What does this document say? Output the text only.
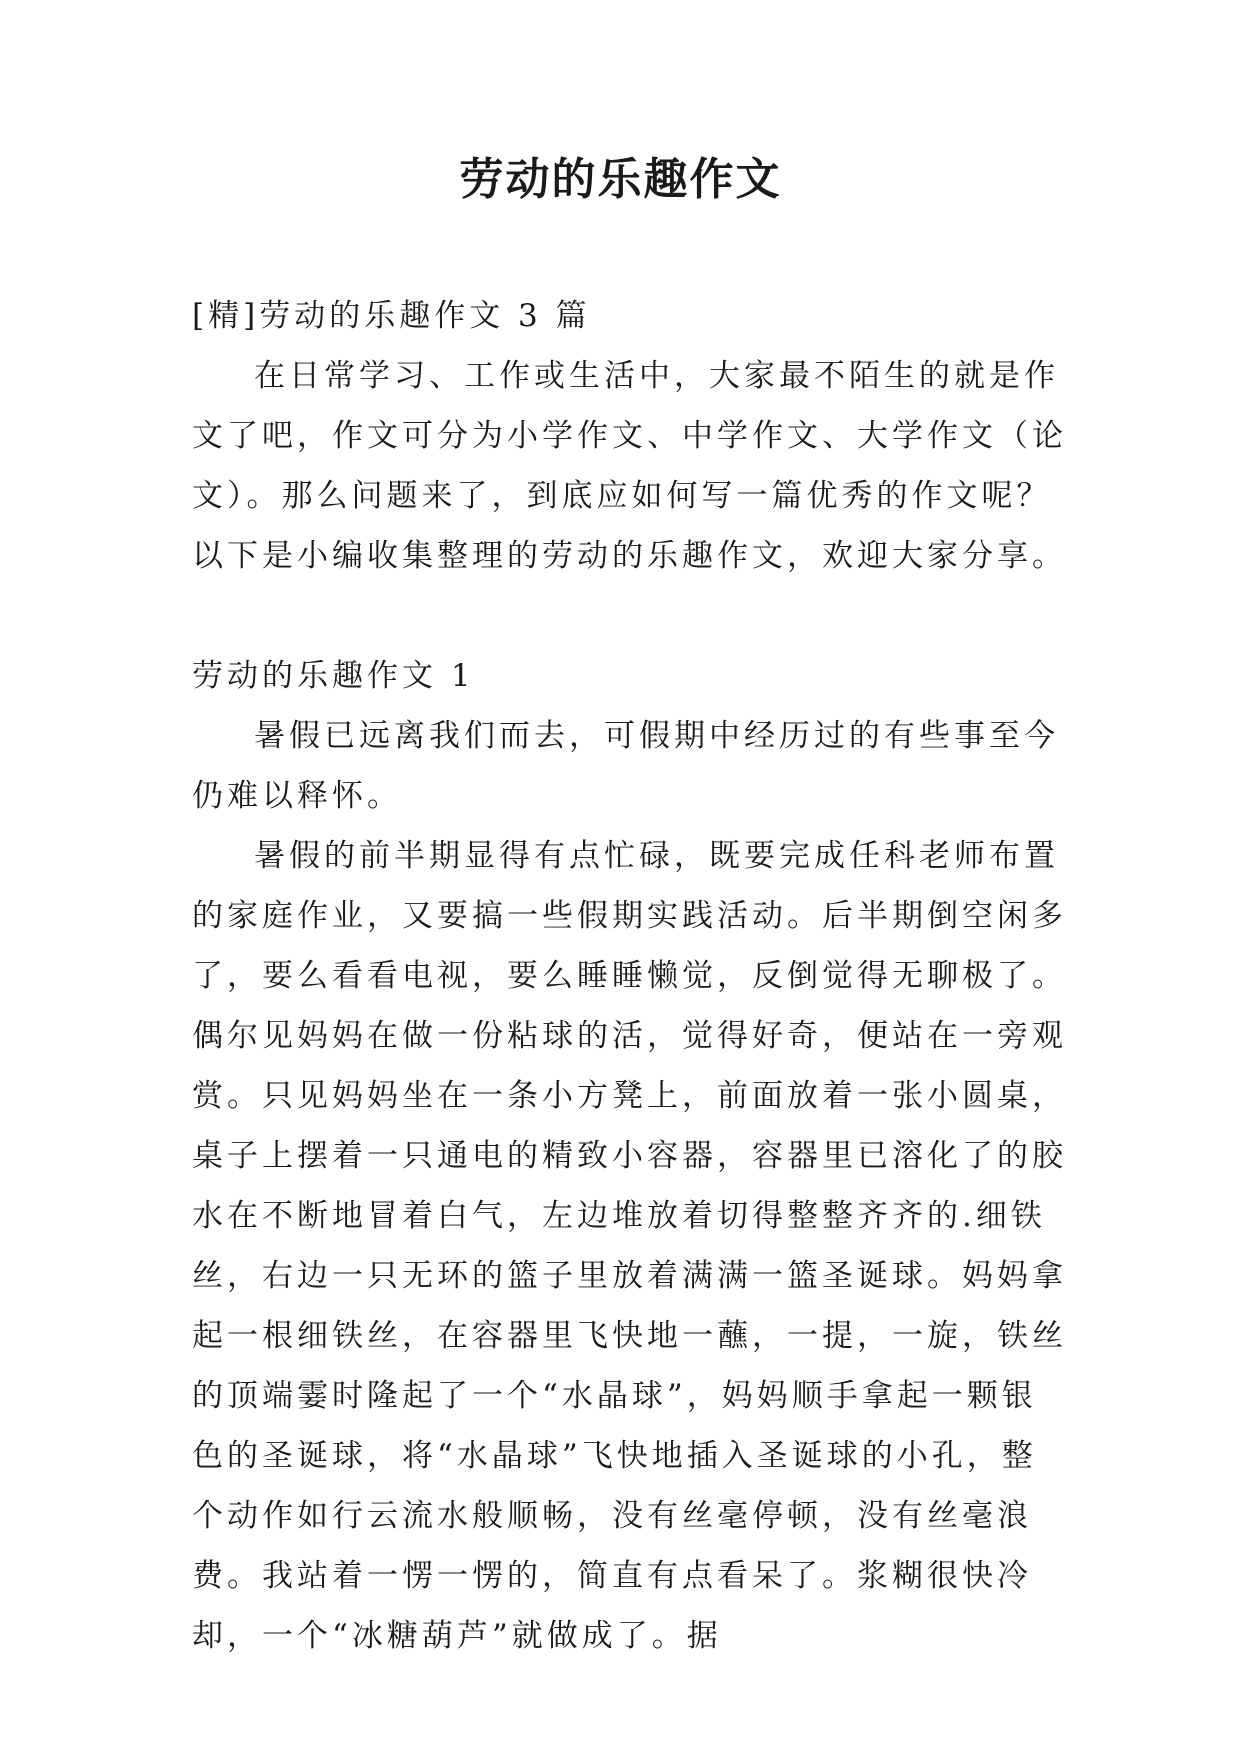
劳动的乐趣作文

[精]劳动的乐趣作文 3 篇

在日常学习、工作或生活中，大家最不陌生的就是作文了吧，作文可分为小学作文、中学作文、大学作文（论文）。那么问题来了，到底应如何写一篇优秀的作文呢？以下是小编收集整理的劳动的乐趣作文，欢迎大家分享。

劳动的乐趣作文 1

暑假已远离我们而去，可假期中经历过的有些事至今仍难以释怀。

暑假的前半期显得有点忙碌，既要完成任科老师布置的家庭作业，又要搞一些假期实践活动。后半期倒空闲多了，要么看看电视，要么睡睡懒觉，反倒觉得无聊极了。偶尔见妈妈在做一份粘球的活，觉得好奇，便站在一旁观赏。只见妈妈坐在一条小方凳上，前面放着一张小圆桌，桌子上摆着一只通电的精致小容器，容器里已溶化了的胶水在不断地冒着白气，左边堆放着切得整整齐齐的.细铁丝，右边一只无环的篮子里放着满满一篮圣诞球。妈妈拿起一根细铁丝，在容器里飞快地一蘸，一提，一旋，铁丝的顶端霎时隆起了一个“水晶球”，妈妈顺手拿起一颗银色的圣诞球，将“水晶球”飞快地插入圣诞球的小孔，整个动作如行云流水般顺畅，没有丝毫停顿，没有丝毫浪费。我站着一愣一愣的，简直有点看呆了。浆糊很快冷却，一个“冰糖葫芦”就做成了。据
